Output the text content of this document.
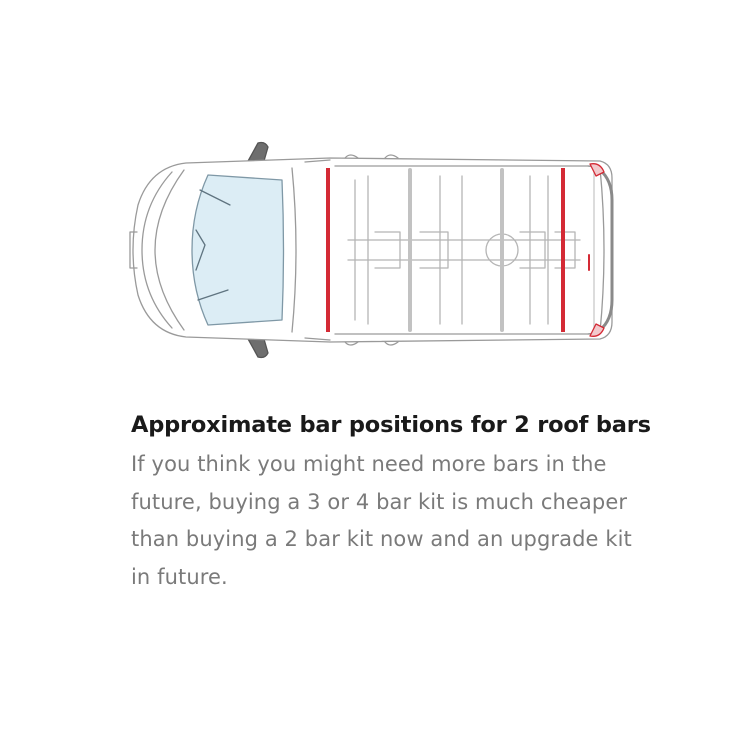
Approximate bar positions for 2 roof bars

If you think you might need more bars in the future, buying a 3 or 4 bar kit is much cheaper than buying a 2 bar kit now and an upgrade kit in future.
